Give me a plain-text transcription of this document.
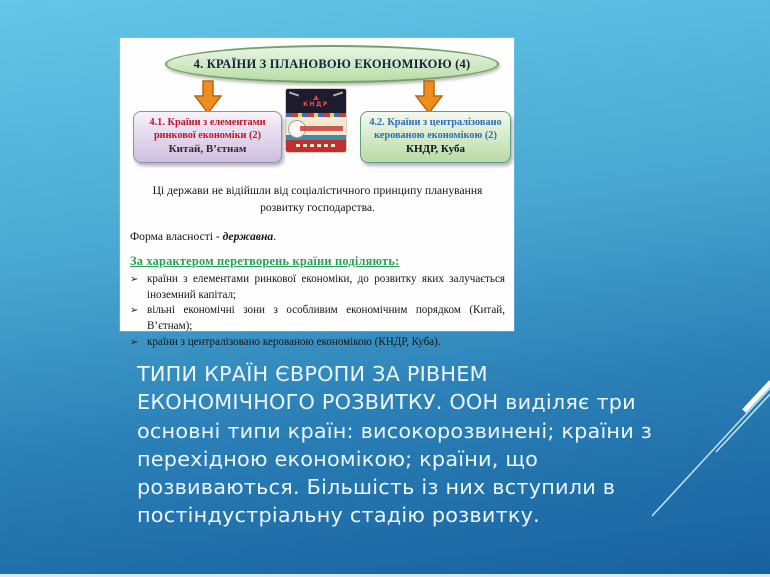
4. КРАЇНИ З ПЛАНОВОЮ ЕКОНОМІКОЮ (4)
КНДР
4.1. Країни з елементами ринкової економіки (2)
Китай, В’єтнам
4.2. Країни з централізовано керованою економікою (2)
КНДР, Куба

Ці держави не відійшли від соціалістичного принципу планування розвитку господарства.

Форма власності - державна.

За характером перетворень країни поділяють:

➢ країни з елементами ринкової економіки, до розвитку яких залучається іноземний капітал;
➢ вільні економічні зони з особливим економічним порядком (Китай, В’єтнам);
➢ країни з централізовано керованою економікою (КНДР, Куба).
ТИПИ КРАЇН ЄВРОПИ ЗА РІВНЕМ ЕКОНОМІЧНОГО РОЗВИТКУ. ООН виділяє три основні типи країн: високорозвинені; країни з перехідною економікою; країни, що розвиваються. Більшість із них вступили в постіндустріальну стадію розвитку.
